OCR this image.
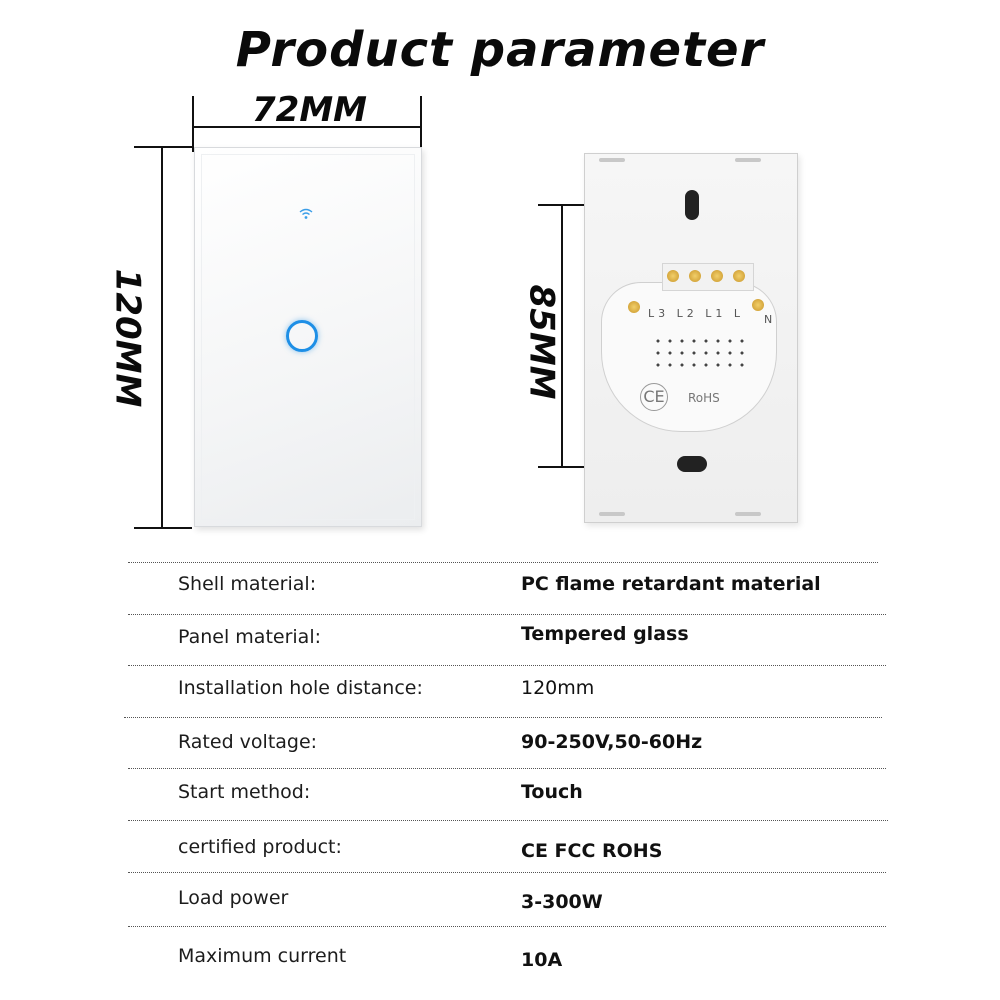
Product parameter
72MM
120MM	85MM	L3 L2 L1 L N
CE RoHS
Shell material:	PC flame retardant material
Panel material:	Tempered glass
Installation hole distance:	120mm
Rated voltage:	90-250V,50-60Hz
Start method:	Touch
certified product:	CE FCC ROHS
Load power	3-300W
Maximum current	10A
